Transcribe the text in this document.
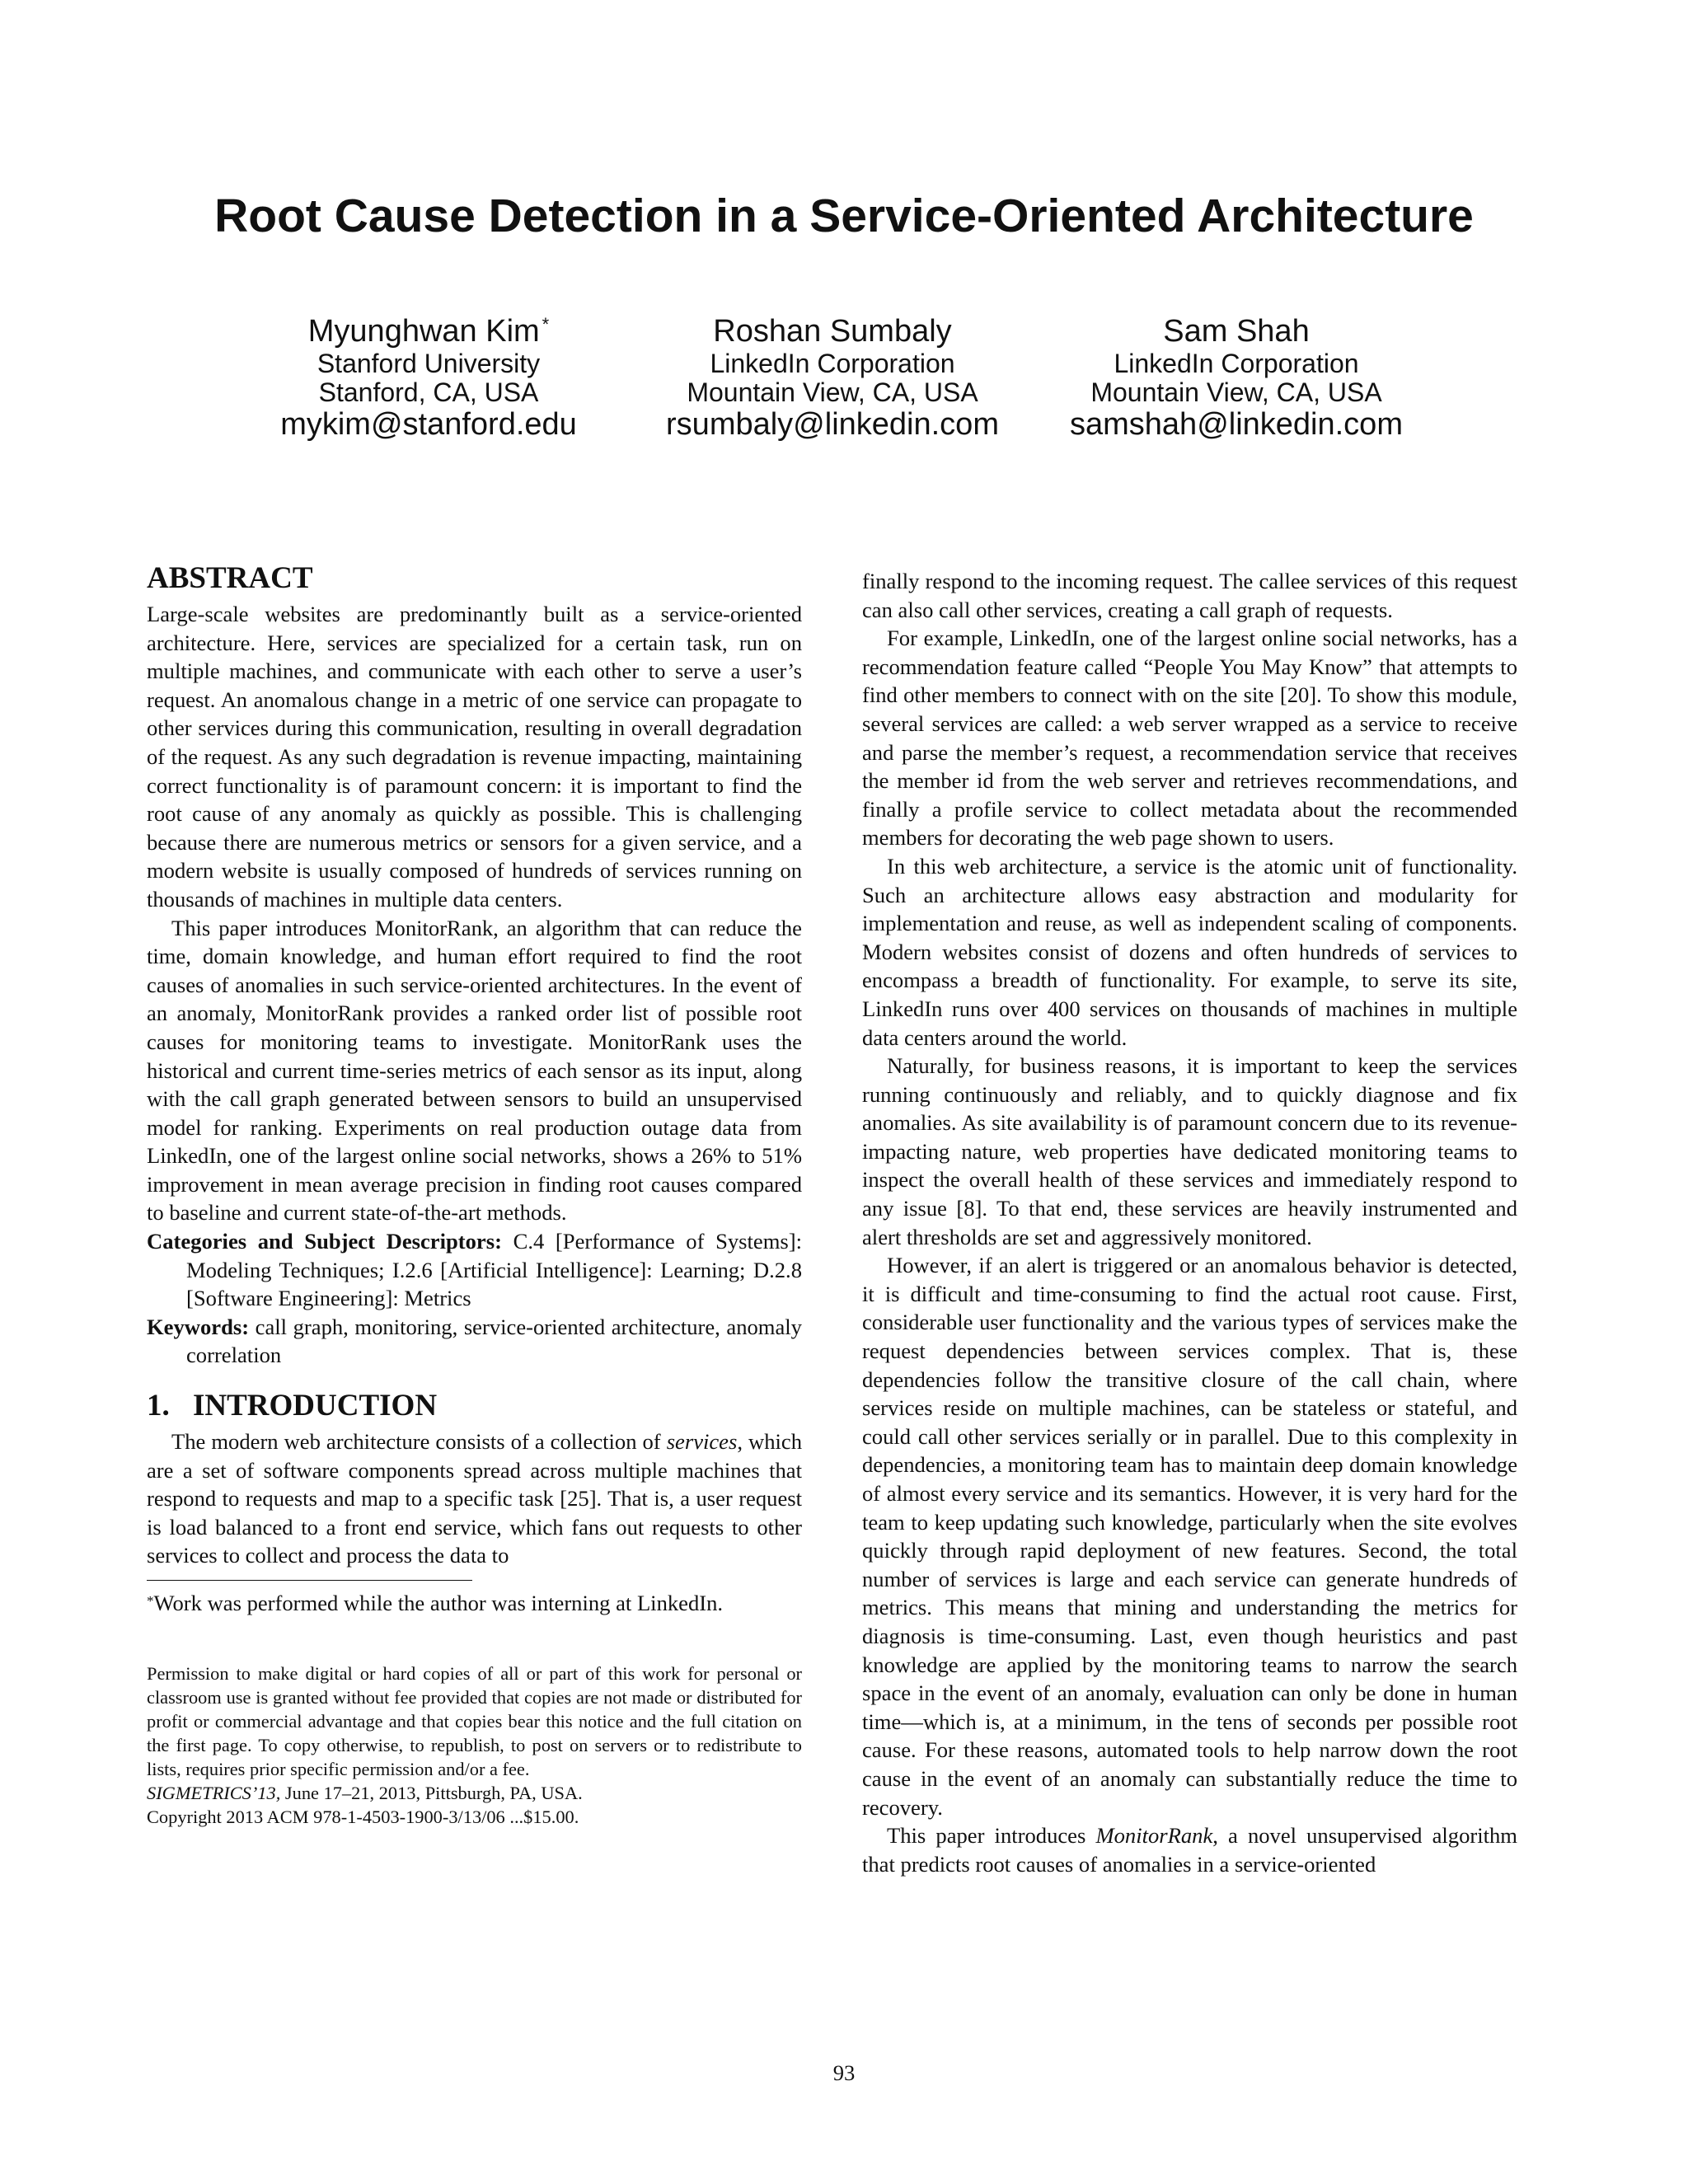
Root Cause Detection in a Service-Oriented Architecture
Myunghwan Kim *
Stanford University
Stanford, CA, USA
mykim@stanford.edu
Roshan Sumbaly
LinkedIn Corporation
Mountain View, CA, USA
rsumbaly@linkedin.com
Sam Shah
LinkedIn Corporation
Mountain View, CA, USA
samshah@linkedin.com
ABSTRACT

Large-scale websites are predominantly built as a service-oriented architecture. Here, services are specialized for a certain task, run on multiple machines, and communicate with each other to serve a user’s request. An anomalous change in a metric of one service can propagate to other services during this communication, resulting in overall degradation of the request. As any such degradation is revenue impacting, maintaining correct functionality is of paramount concern: it is important to find the root cause of any anomaly as quickly as possible. This is challenging because there are numerous metrics or sensors for a given service, and a modern website is usually composed of hundreds of services running on thousands of machines in multiple data centers.

This paper introduces MonitorRank, an algorithm that can reduce the time, domain knowledge, and human effort required to find the root causes of anomalies in such service-oriented architectures. In the event of an anomaly, MonitorRank provides a ranked order list of possible root causes for monitoring teams to investigate. MonitorRank uses the historical and current time-series metrics of each sensor as its input, along with the call graph generated between sensors to build an unsupervised model for ranking. Experiments on real production outage data from LinkedIn, one of the largest online social networks, shows a 26% to 51% improvement in mean average precision in finding root causes compared to baseline and current state-of-the-art methods.

Categories and Subject Descriptors: C.4 [Performance of Systems]: Modeling Techniques; I.2.6 [Artificial Intelligence]: Learning; D.2.8 [Software Engineering]: Metrics

Keywords: call graph, monitoring, service-oriented architecture, anomaly correlation

1. INTRODUCTION

The modern web architecture consists of a collection of services, which are a set of software components spread across multiple machines that respond to requests and map to a specific task [25]. That is, a user request is load balanced to a front end service, which fans out requests to other services to collect and process the data to

*Work was performed while the author was interning at LinkedIn.

Permission to make digital or hard copies of all or part of this work for personal or classroom use is granted without fee provided that copies are not made or distributed for profit or commercial advantage and that copies bear this notice and the full citation on the first page. To copy otherwise, to republish, to post on servers or to redistribute to lists, requires prior specific permission and/or a fee.

SIGMETRICS’13, June 17–21, 2013, Pittsburgh, PA, USA.

Copyright 2013 ACM 978-1-4503-1900-3/13/06 ...$15.00.

finally respond to the incoming request. The callee services of this request can also call other services, creating a call graph of requests.

For example, LinkedIn, one of the largest online social networks, has a recommendation feature called “People You May Know” that attempts to find other members to connect with on the site [20]. To show this module, several services are called: a web server wrapped as a service to receive and parse the member’s request, a recommendation service that receives the member id from the web server and retrieves recommendations, and finally a profile service to collect metadata about the recommended members for decorating the web page shown to users.

In this web architecture, a service is the atomic unit of functionality. Such an architecture allows easy abstraction and modularity for implementation and reuse, as well as independent scaling of components. Modern websites consist of dozens and often hundreds of services to encompass a breadth of functionality. For example, to serve its site, LinkedIn runs over 400 services on thousands of machines in multiple data centers around the world.

Naturally, for business reasons, it is important to keep the services running continuously and reliably, and to quickly diagnose and fix anomalies. As site availability is of paramount concern due to its revenue-impacting nature, web properties have dedicated monitoring teams to inspect the overall health of these services and immediately respond to any issue [8]. To that end, these services are heavily instrumented and alert thresholds are set and aggressively monitored.

However, if an alert is triggered or an anomalous behavior is detected, it is difficult and time-consuming to find the actual root cause. First, considerable user functionality and the various types of services make the request dependencies between services complex. That is, these dependencies follow the transitive closure of the call chain, where services reside on multiple machines, can be stateless or stateful, and could call other services serially or in parallel. Due to this complexity in dependencies, a monitoring team has to maintain deep domain knowledge of almost every service and its semantics. However, it is very hard for the team to keep updating such knowledge, particularly when the site evolves quickly through rapid deployment of new features. Second, the total number of services is large and each service can generate hundreds of metrics. This means that mining and understanding the metrics for diagnosis is time-consuming. Last, even though heuristics and past knowledge are applied by the monitoring teams to narrow the search space in the event of an anomaly, evaluation can only be done in human time—which is, at a minimum, in the tens of seconds per possible root cause. For these reasons, automated tools to help narrow down the root cause in the event of an anomaly can substantially reduce the time to recovery.

This paper introduces MonitorRank, a novel unsupervised algorithm that predicts root causes of anomalies in a service-oriented

93
